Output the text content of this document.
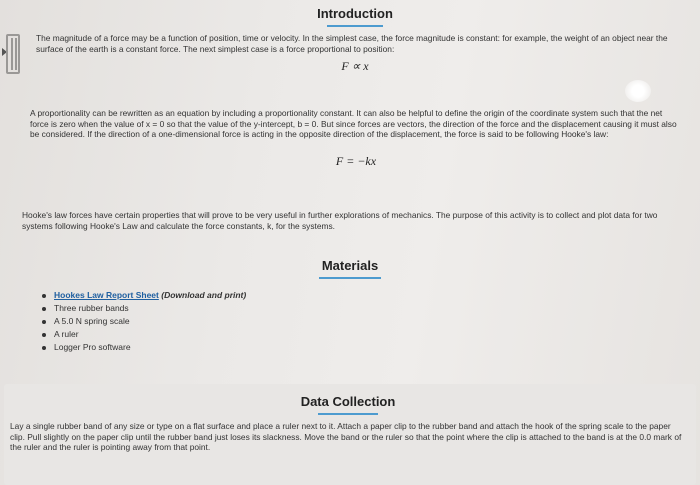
Introduction

The magnitude of a force may be a function of position, time or velocity. In the simplest case, the force magnitude is constant: for example, the weight of an object near the surface of the earth is a constant force. The next simplest case is a force proportional to position:

F ∝ x

A proportionality can be rewritten as an equation by including a proportionality constant. It can also be helpful to define the origin of the coordinate system such that the net force is zero when the value of x = 0 so that the value of the y-intercept, b = 0. But since forces are vectors, the direction of the force and the displacement causing it must also be considered. If the direction of a one-dimensional force is acting in the opposite direction of the displacement, the force is said to be following Hooke's law:

F = −kx

Hooke's law forces have certain properties that will prove to be very useful in further explorations of mechanics. The purpose of this activity is to collect and plot data for two systems following Hooke's Law and calculate the force constants, k, for the systems.

Materials
Hookes Law Report Sheet (Download and print)
Three rubber bands
A 5.0 N spring scale
A ruler
Logger Pro software
Data Collection

Lay a single rubber band of any size or type on a flat surface and place a ruler next to it. Attach a paper clip to the rubber band and attach the hook of the spring scale to the paper clip. Pull slightly on the paper clip until the rubber band just loses its slackness. Move the band or the ruler so that the point where the clip is attached to the band is at the 0.0 mark of the ruler and the ruler is pointing away from that point.
